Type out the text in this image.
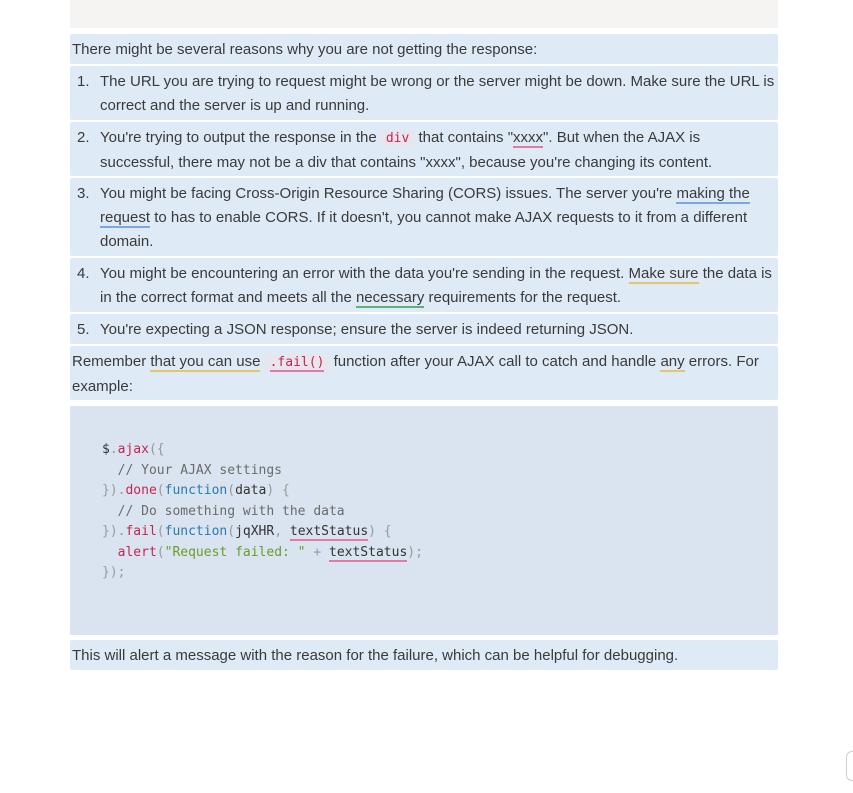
There might be several reasons why you are not getting the response:
1. The URL you are trying to request might be wrong or the server might be down. Make sure the URL is correct and the server is up and running.
2. You're trying to output the response in the div that contains "xxxx". But when the AJAX is successful, there may not be a div that contains "xxxx", because you're changing its content.
3. You might be facing Cross-Origin Resource Sharing (CORS) issues. The server you're making the request to has to enable CORS. If it doesn't, you cannot make AJAX requests to it from a different domain.
4. You might be encountering an error with the data you're sending in the request. Make sure the data is in the correct format and meets all the necessary requirements for the request.
5. You're expecting a JSON response; ensure the server is indeed returning JSON.
Remember that you can use .fail() function after your AJAX call to catch and handle any errors. For example:
$.ajax({
// Your AJAX settings
}).done(function(data) {
// Do something with the data
}).fail(function(jqXHR, textStatus) {
alert("Request failed: " + textStatus);
});
This will alert a message with the reason for the failure, which can be helpful for debugging.
